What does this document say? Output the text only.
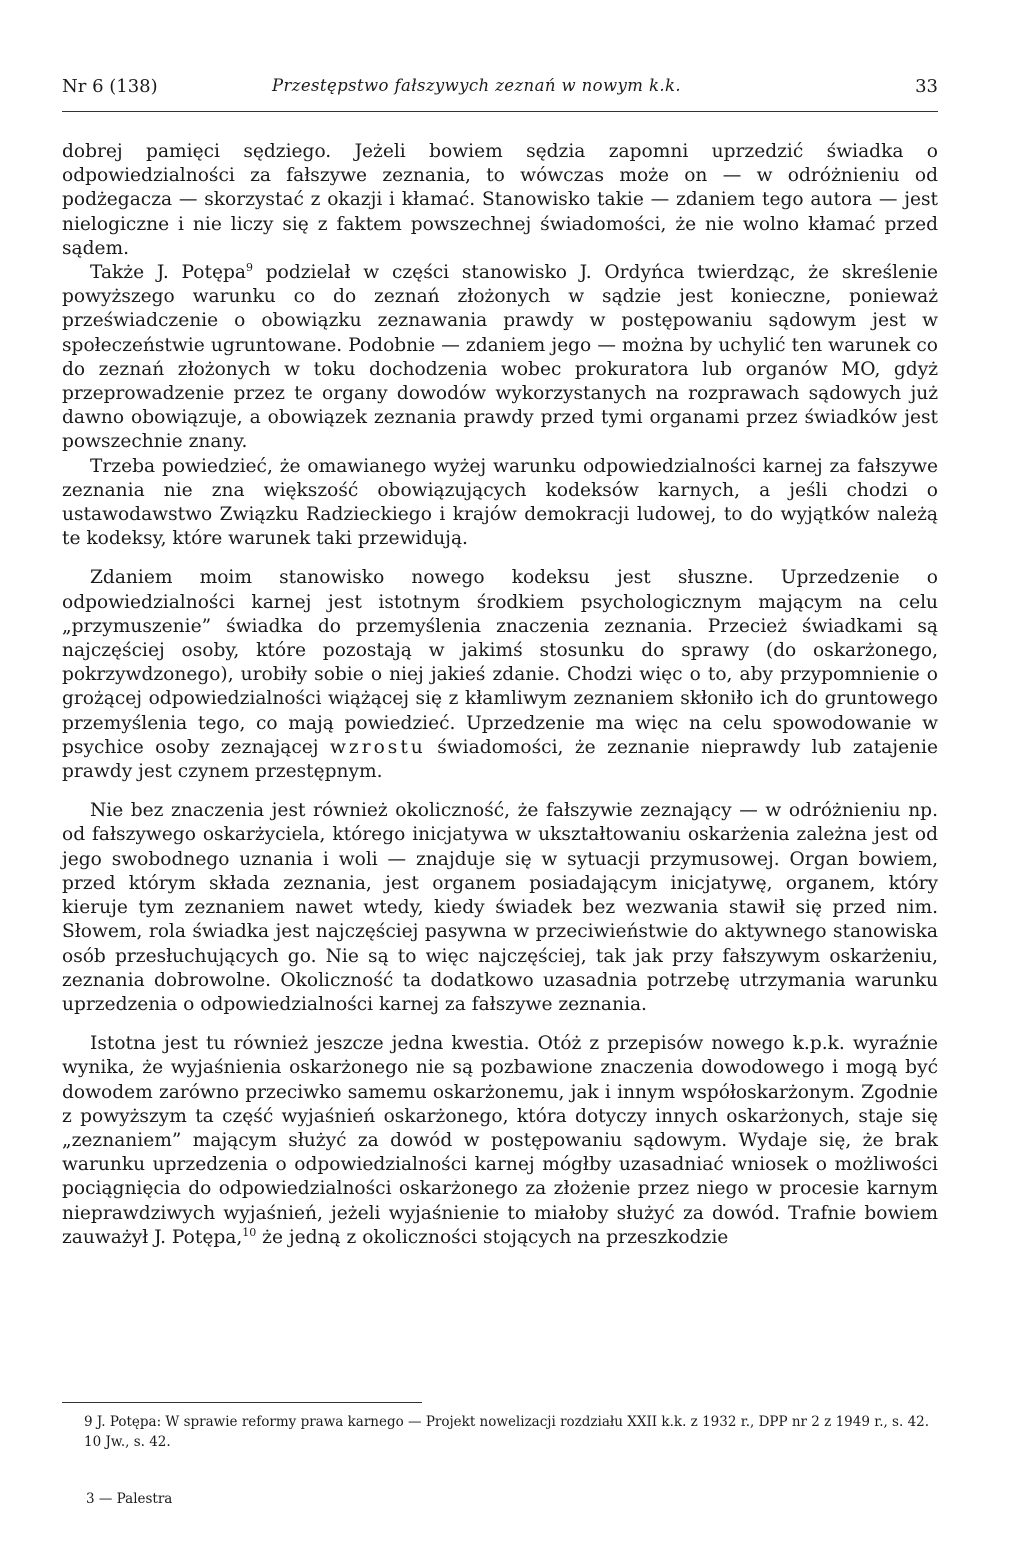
Nr 6 (138)	Przestępstwo fałszywych zeznań w nowym k.k.	33

dobrej pamięci sędziego. Jeżeli bowiem sędzia zapomni uprzedzić świadka o odpowiedzialności za fałszywe zeznania, to wówczas może on — w odróżnieniu od podżegacza — skorzystać z okazji i kłamać. Stanowisko takie — zdaniem tego autora — jest nielogiczne i nie liczy się z faktem powszechnej świadomości, że nie wolno kłamać przed sądem.

Także J. Potępa$^9$ podzielał w części stanowisko J. Ordyńca twierdząc, że skreślenie powyższego warunku co do zeznań złożonych w sądzie jest konieczne, ponieważ przeświadczenie o obowiązku zeznawania prawdy w postępowaniu sądowym jest w społeczeństwie ugruntowane. Podobnie — zdaniem jego — można by uchylić ten warunek co do zeznań złożonych w toku dochodzenia wobec prokuratora lub organów MO, gdyż przeprowadzenie przez te organy dowodów wykorzystanych na rozprawach sądowych już dawno obowiązuje, a obowiązek zeznania prawdy przed tymi organami przez świadków jest powszechnie znany.

Trzeba powiedzieć, że omawianego wyżej warunku odpowiedzialności karnej za fałszywe zeznania nie zna większość obowiązujących kodeksów karnych, a jeśli chodzi o ustawodawstwo Związku Radzieckiego i krajów demokracji ludowej, to do wyjątków należą te kodeksy, które warunek taki przewidują.

Zdaniem moim stanowisko nowego kodeksu jest słuszne. Uprzedzenie o odpowiedzialności karnej jest istotnym środkiem psychologicznym mającym na celu „przymuszenie” świadka do przemyślenia znaczenia zeznania. Przecież świadkami są najczęściej osoby, które pozostają w jakimś stosunku do sprawy (do oskarżonego, pokrzywdzonego), urobiły sobie o niej jakieś zdanie. Chodzi więc o to, aby przypomnienie o grożącej odpowiedzialności wiążącej się z kłamliwym zeznaniem skłoniło ich do gruntowego przemyślenia tego, co mają powiedzieć. Uprzedzenie ma więc na celu spowodowanie w psychice osoby zeznającej wzrostu świadomości, że zeznanie nieprawdy lub zatajenie prawdy jest czynem przestępnym.

Nie bez znaczenia jest również okoliczność, że fałszywie zeznający — w odróżnieniu np. od fałszywego oskarżyciela, którego inicjatywa w ukształtowaniu oskarżenia zależna jest od jego swobodnego uznania i woli — znajduje się w sytuacji przymusowej. Organ bowiem, przed którym składa zeznania, jest organem posiadającym inicjatywę, organem, który kieruje tym zeznaniem nawet wtedy, kiedy świadek bez wezwania stawił się przed nim. Słowem, rola świadka jest najczęściej pasywna w przeciwieństwie do aktywnego stanowiska osób przesłuchujących go. Nie są to więc najczęściej, tak jak przy fałszywym oskarżeniu, zeznania dobrowolne. Okoliczność ta dodatkowo uzasadnia potrzebę utrzymania warunku uprzedzenia o odpowiedzialności karnej za fałszywe zeznania.

Istotna jest tu również jeszcze jedna kwestia. Otóż z przepisów nowego k.p.k. wyraźnie wynika, że wyjaśnienia oskarżonego nie są pozbawione znaczenia dowodowego i mogą być dowodem zarówno przeciwko samemu oskarżonemu, jak i innym współoskarżonym. Zgodnie z powyższym ta część wyjaśnień oskarżonego, która dotyczy innych oskarżonych, staje się „zeznaniem” mającym służyć za dowód w postępowaniu sądowym. Wydaje się, że brak warunku uprzedzenia o odpowiedzialności karnej mógłby uzasadniać wniosek o możliwości pociągnięcia do odpowiedzialności oskarżonego za złożenie przez niego w procesie karnym nieprawdziwych wyjaśnień, jeżeli wyjaśnienie to miałoby służyć za dowód. Trafnie bowiem zauważył J. Potępa,$^{10}$ że jedną z okoliczności stojących na przeszkodzie

9 J. Potępa: W sprawie reformy prawa karnego — Projekt nowelizacji rozdziału XXII k.k. z 1932 r., DPP nr 2 z 1949 r., s. 42.

10 Jw., s. 42.

3 — Palestra
